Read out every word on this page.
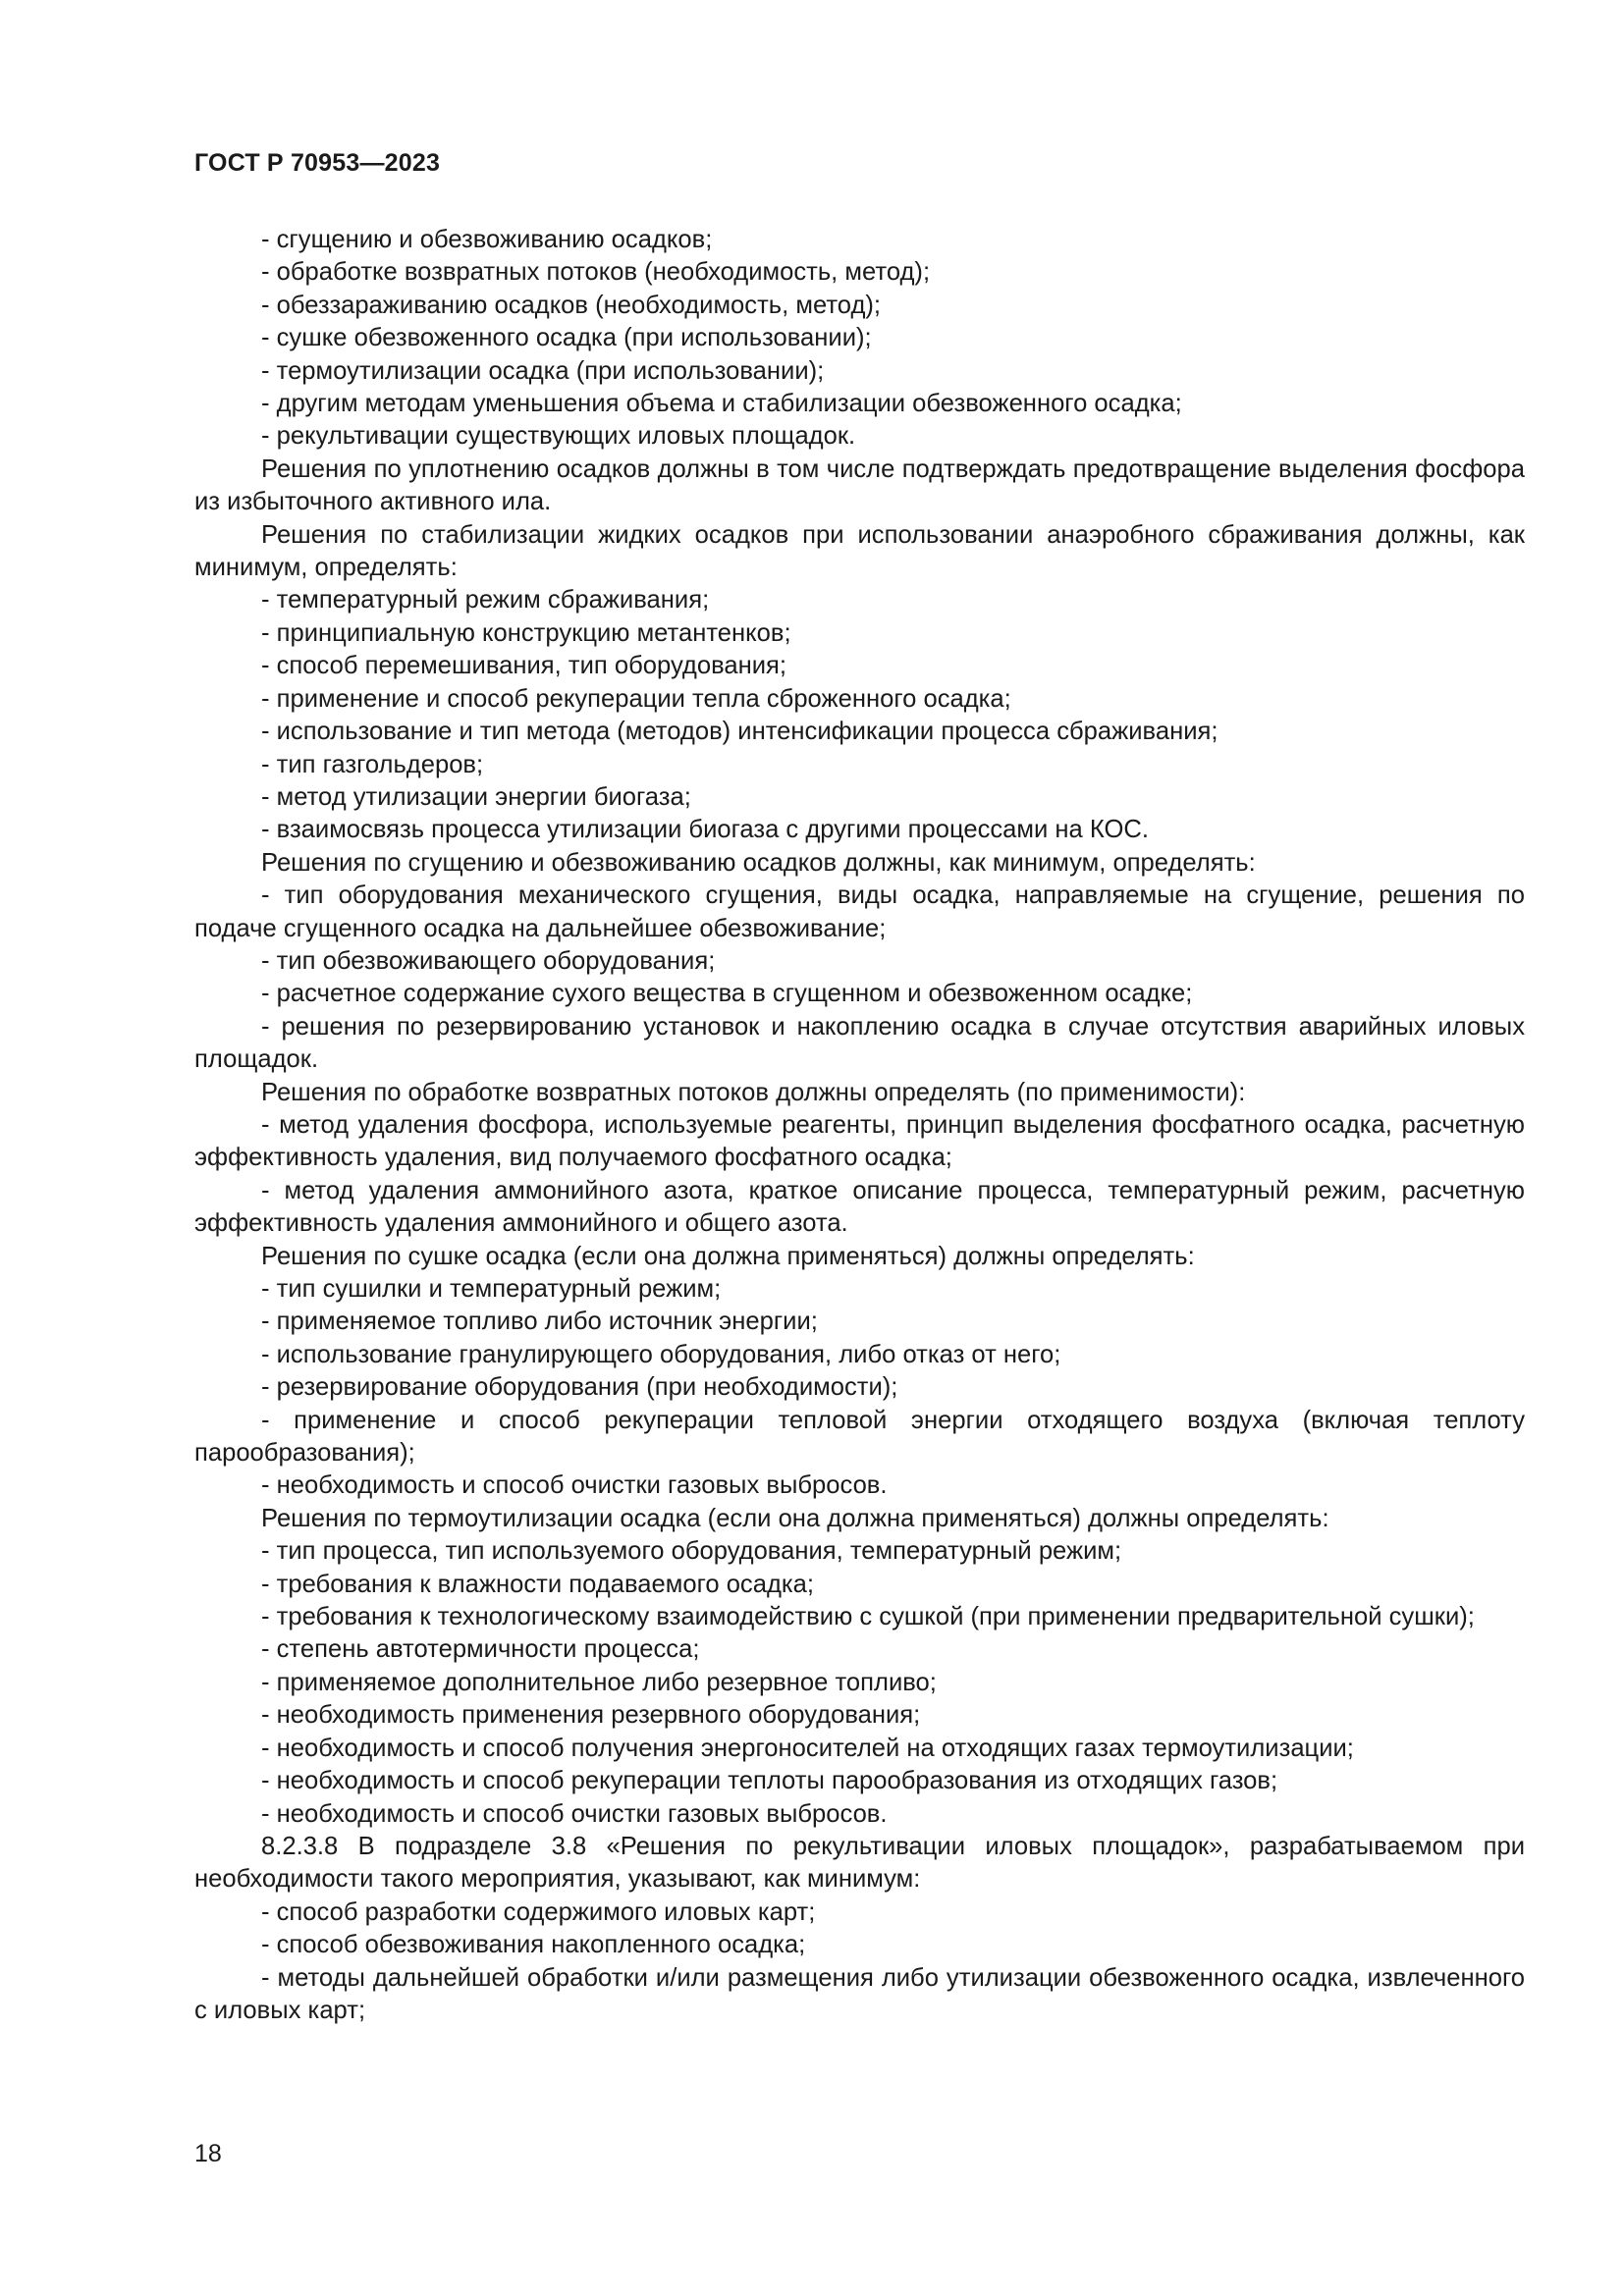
ГОСТ Р 70953—2023

- сгущению и обезвоживанию осадков;

- обработке возвратных потоков (необходимость, метод);

- обеззараживанию осадков (необходимость, метод);

- сушке обезвоженного осадка (при использовании);

- термоутилизации осадка (при использовании);

- другим методам уменьшения объема и стабилизации обезвоженного осадка;

- рекультивации существующих иловых площадок.

Решения по уплотнению осадков должны в том числе подтверждать предотвращение выделения фосфора из избыточного активного ила.

Решения по стабилизации жидких осадков при использовании анаэробного сбраживания должны, как минимум, определять:

- температурный режим сбраживания;

- принципиальную конструкцию метантенков;

- способ перемешивания, тип оборудования;

- применение и способ рекуперации тепла сброженного осадка;

- использование и тип метода (методов) интенсификации процесса сбраживания;

- тип газгольдеров;

- метод утилизации энергии биогаза;

- взаимосвязь процесса утилизации биогаза с другими процессами на КОС.

Решения по сгущению и обезвоживанию осадков должны, как минимум, определять:

- тип оборудования механического сгущения, виды осадка, направляемые на сгущение, решения по подаче сгущенного осадка на дальнейшее обезвоживание;

- тип обезвоживающего оборудования;

- расчетное содержание сухого вещества в сгущенном и обезвоженном осадке;

- решения по резервированию установок и накоплению осадка в случае отсутствия аварийных иловых площадок.

Решения по обработке возвратных потоков должны определять (по применимости):

- метод удаления фосфора, используемые реагенты, принцип выделения фосфатного осадка, расчетную эффективность удаления, вид получаемого фосфатного осадка;

- метод удаления аммонийного азота, краткое описание процесса, температурный режим, расчетную эффективность удаления аммонийного и общего азота.

Решения по сушке осадка (если она должна применяться) должны определять:

- тип сушилки и температурный режим;

- применяемое топливо либо источник энергии;

- использование гранулирующего оборудования, либо отказ от него;

- резервирование оборудования (при необходимости);

- применение и способ рекуперации тепловой энергии отходящего воздуха (включая теплоту парообразования);

- необходимость и способ очистки газовых выбросов.

Решения по термоутилизации осадка (если она должна применяться) должны определять:

- тип процесса, тип используемого оборудования, температурный режим;

- требования к влажности подаваемого осадка;

- требования к технологическому взаимодействию с сушкой (при применении предварительной сушки);

- степень автотермичности процесса;

- применяемое дополнительное либо резервное топливо;

- необходимость применения резервного оборудования;

- необходимость и способ получения энергоносителей на отходящих газах термоутилизации;

- необходимость и способ рекуперации теплоты парообразования из отходящих газов;

- необходимость и способ очистки газовых выбросов.

8.2.3.8 В подразделе 3.8 «Решения по рекультивации иловых площадок», разрабатываемом при необходимости такого мероприятия, указывают, как минимум:

- способ разработки содержимого иловых карт;

- способ обезвоживания накопленного осадка;

- методы дальнейшей обработки и/или размещения либо утилизации обезвоженного осадка, извлеченного с иловых карт;

18
